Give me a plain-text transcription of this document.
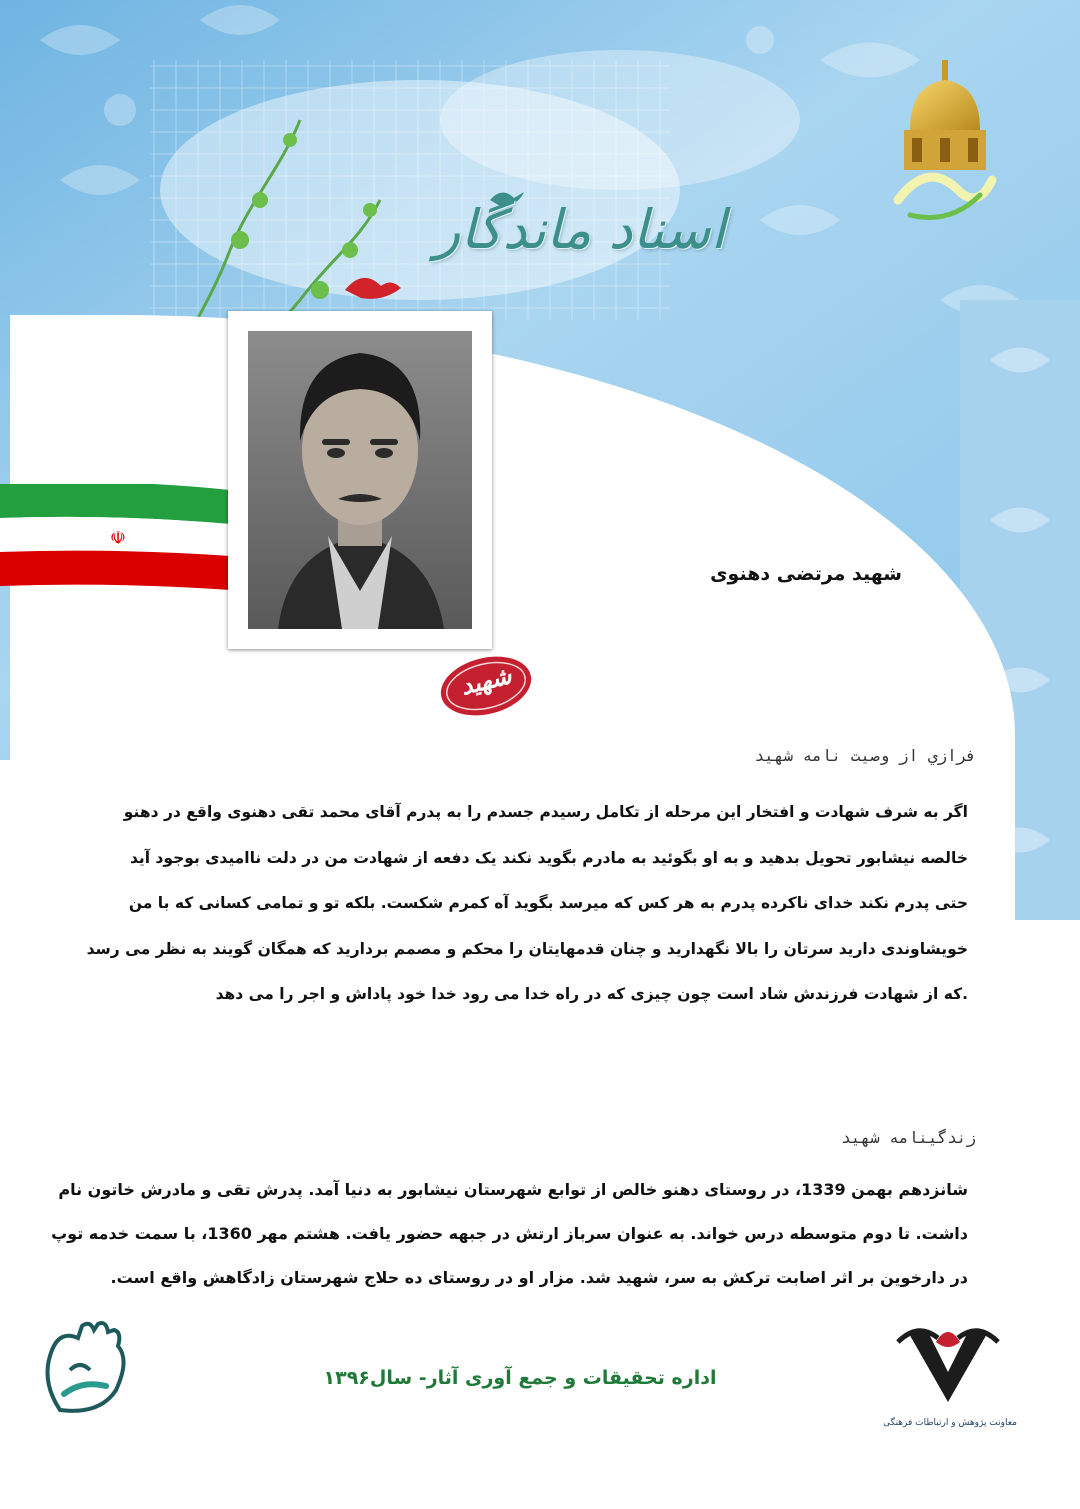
☫
اسناد ماندگار
شهید
شهید مرتضی دهنوی
فرازي از وصيت نامه شهيد

اگر به شرف شهادت و افتخار این مرحله از تکامل رسیدم جسدم را به پدرم آقای محمد تقی دهنوی واقع در دهنو

خالصه نیشابور تحویل بدهید و به او بگوئید به مادرم بگوید نکند یک دفعه از شهادت من در دلت ناامیدی بوجود آید

حتی پدرم نکند خدای ناکرده پدرم به هر کس که میرسد بگوید آه کمرم شکست. بلکه تو و تمامی کسانی که با من

خویشاوندی دارید سرتان را بالا نگهدارید و چنان قدمهایتان را محکم و مصمم بردارید که همگان گویند به نظر می رسد

.که از شهادت فرزندش شاد است چون چیزی که در راه خدا می رود خدا خود پاداش و اجر را می دهد

زندگينامه شهيد

شانزدهم بهمن 1339، در روستای دهنو خالص از توابع شهرستان نیشابور به دنیا آمد. پدرش تقی و مادرش خاتون نام

داشت. تا دوم متوسطه درس خواند. به عنوان سرباز ارتش در جبهه حضور یافت. هشتم مهر 1360، با سمت خدمه توپ

در دارخوین بر اثر اصابت ترکش به سر، شهید شد. مزار او در روستای ده حلاج شهرستان زادگاهش واقع است.

اداره تحقیقات و جمع آوری آثار- سال۱۳۹۶
معاونت پژوهش و ارتباطات فرهنگی
